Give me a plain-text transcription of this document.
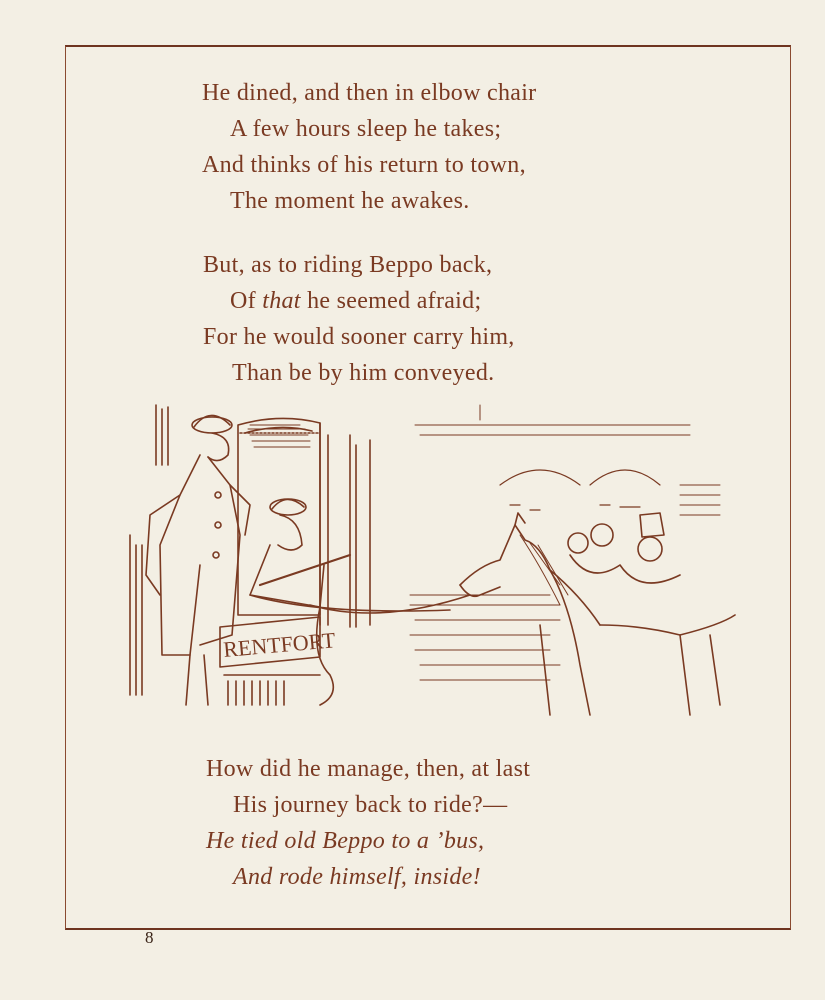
He dined, and then in elbow chair
A few hours sleep he takes;
And thinks of his return to town,
The moment he awakes.
But, as to riding Beppo back,
Of that he seemed afraid;
For he would sooner carry him,
Than be by him conveyed.
RENTFORT
How did he manage, then, at last
His journey back to ride?—
He tied old Beppo to a ’bus,
And rode himself, inside!
8
